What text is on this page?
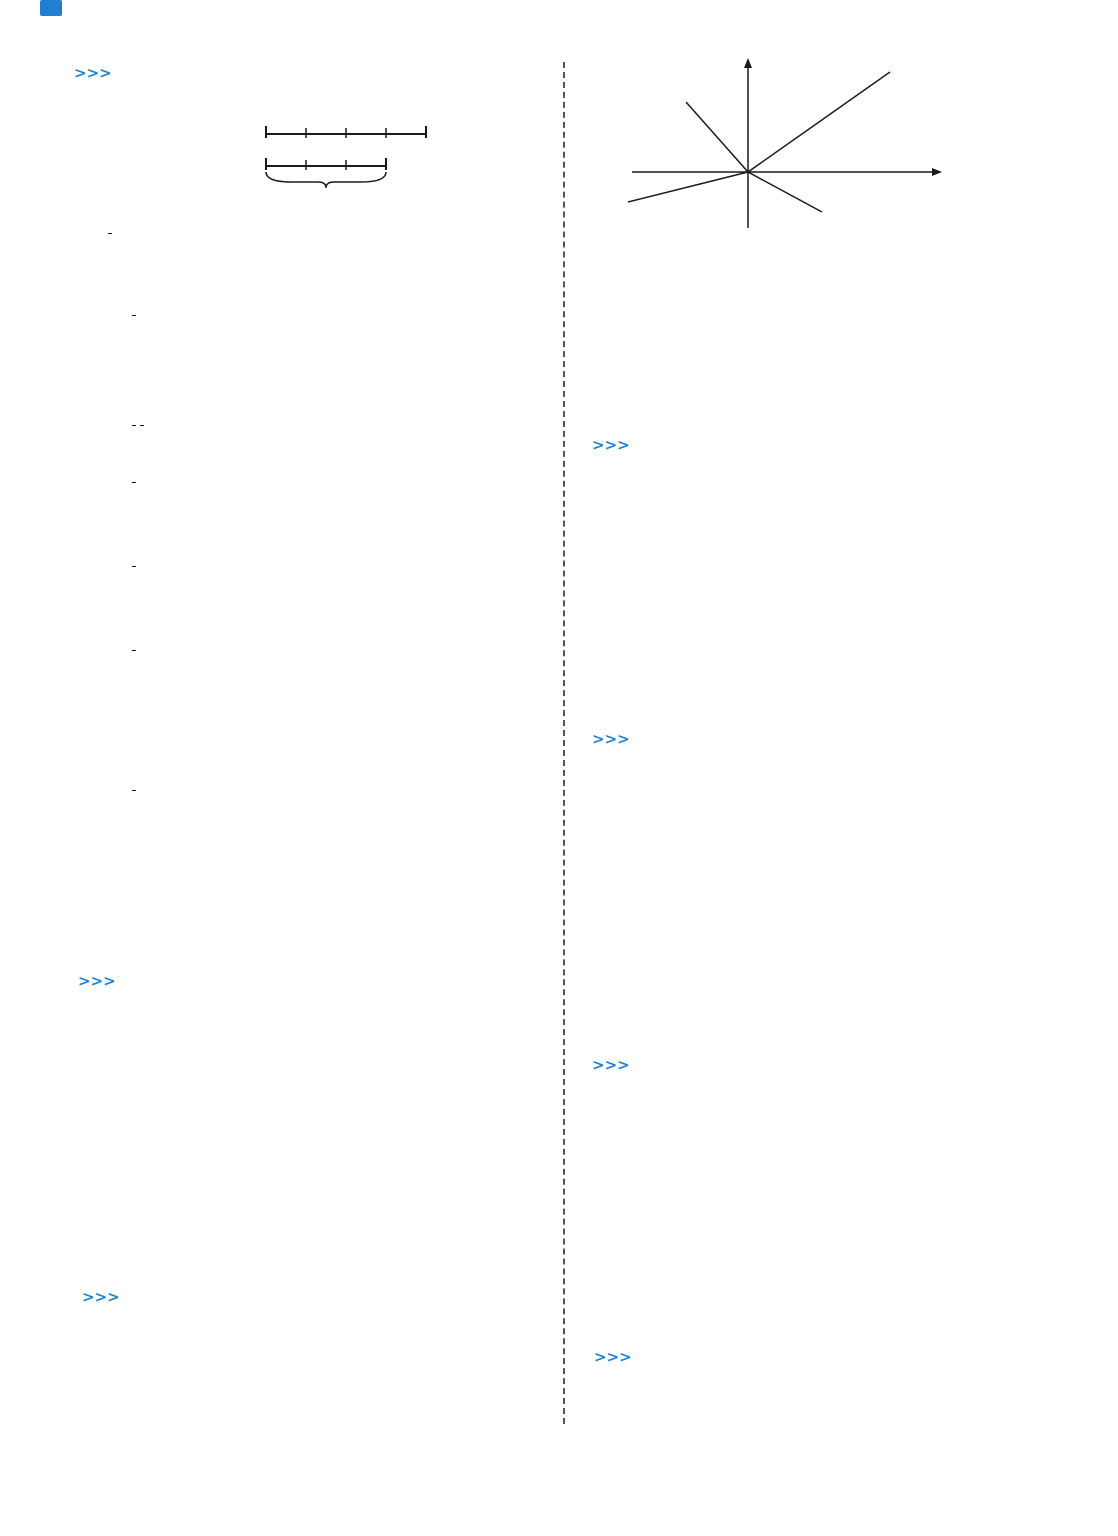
>>>
>>>
>>>
>>>
>>>
>>>
>>>
